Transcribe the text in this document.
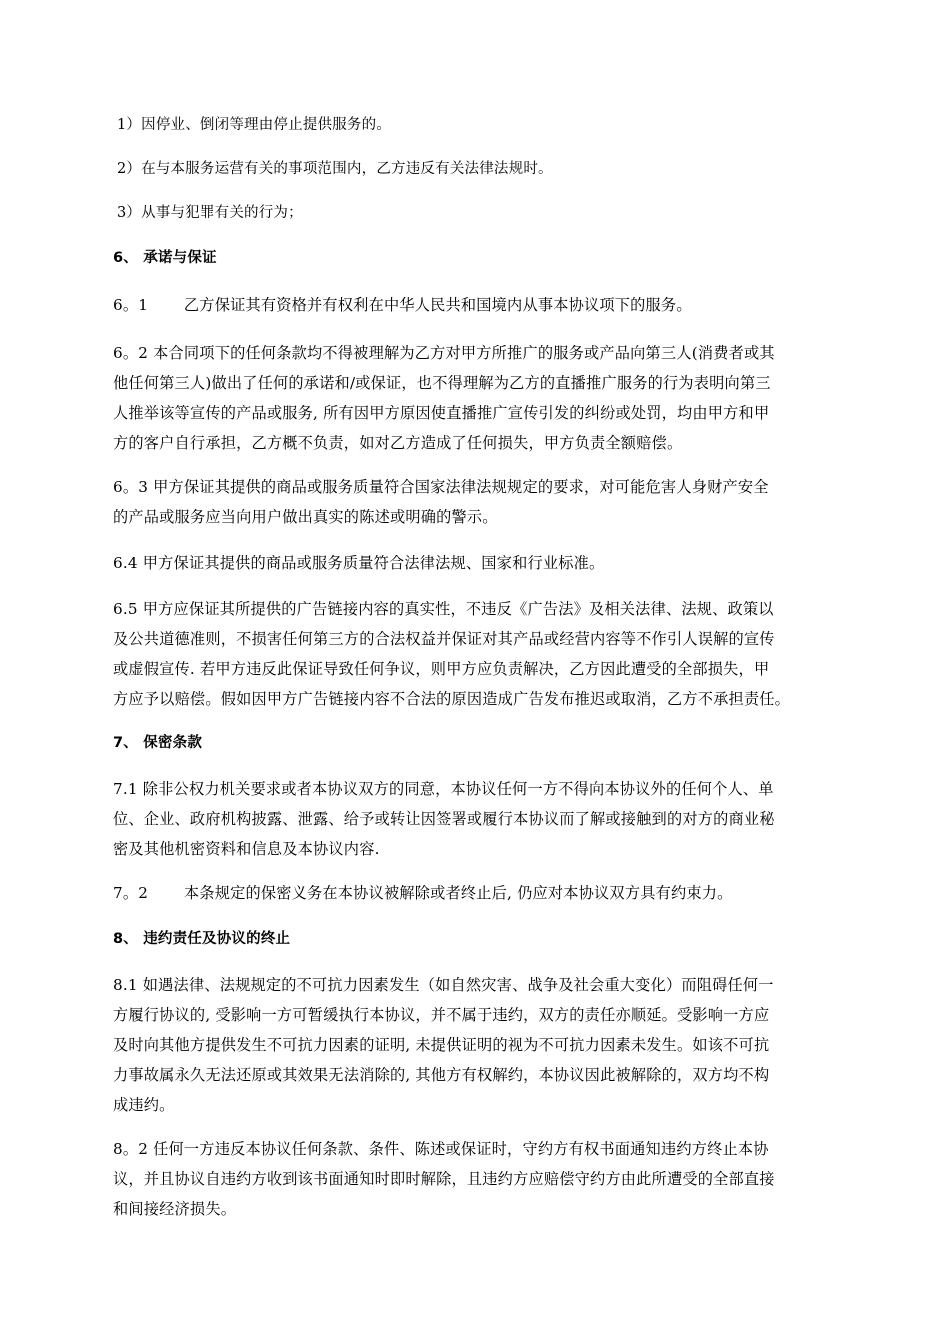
1）因停业、倒闭等理由停止提供服务的。

2）在与本服务运营有关的事项范围内，乙方违反有关法律法规时。

3）从事与犯罪有关的行为；

6、 承诺与保证

6。1 　　乙方保证其有资格并有权利在中华人民共和国境内从事本协议项下的服务。

6。2 本合同项下的任何条款均不得被理解为乙方对甲方所推广的服务或产品向第三人(消费者或其
他任何第三人)做出了任何的承诺和/或保证，也不得理解为乙方的直播推广服务的行为表明向第三
人推举该等宣传的产品或服务, 所有因甲方原因使直播推广宣传引发的纠纷或处罚，均由甲方和甲
方的客户自行承担，乙方概不负责，如对乙方造成了任何损失，甲方负责全额赔偿。
6。3 甲方保证其提供的商品或服务质量符合国家法律法规规定的要求，对可能危害人身财产安全
的产品或服务应当向用户做出真实的陈述或明确的警示。

6.4 甲方保证其提供的商品或服务质量符合法律法规、国家和行业标准。

6.5 甲方应保证其所提供的广告链接内容的真实性，不违反《广告法》及相关法律、法规、政策以
及公共道德准则，不损害任何第三方的合法权益并保证对其产品或经营内容等不作引人误解的宣传
或虚假宣传. 若甲方违反此保证导致任何争议，则甲方应负责解决，乙方因此遭受的全部损失，甲
方应予以赔偿。假如因甲方广告链接内容不合法的原因造成广告发布推迟或取消，乙方不承担责任。

7、 保密条款

7.1 除非公权力机关要求或者本协议双方的同意，本协议任何一方不得向本协议外的任何个人、单
位、企业、政府机构披露、泄露、给予或转让因签署或履行本协议而了解或接触到的对方的商业秘
密及其他机密资料和信息及本协议内容.

7。2 　　本条规定的保密义务在本协议被解除或者终止后, 仍应对本协议双方具有约束力。

8、 违约责任及协议的终止

8.1 如遇法律、法规规定的不可抗力因素发生（如自然灾害、战争及社会重大变化）而阻碍任何一
方履行协议的, 受影响一方可暂缓执行本协议，并不属于违约，双方的责任亦顺延。受影响一方应
及时向其他方提供发生不可抗力因素的证明, 未提供证明的视为不可抗力因素未发生。如该不可抗
力事故属永久无法还原或其效果无法消除的, 其他方有权解约，本协议因此被解除的，双方均不构
成违约。
8。2 任何一方违反本协议任何条款、条件、陈述或保证时，守约方有权书面通知违约方终止本协
议，并且协议自违约方收到该书面通知时即时解除，且违约方应赔偿守约方由此所遭受的全部直接
和间接经济损失。
